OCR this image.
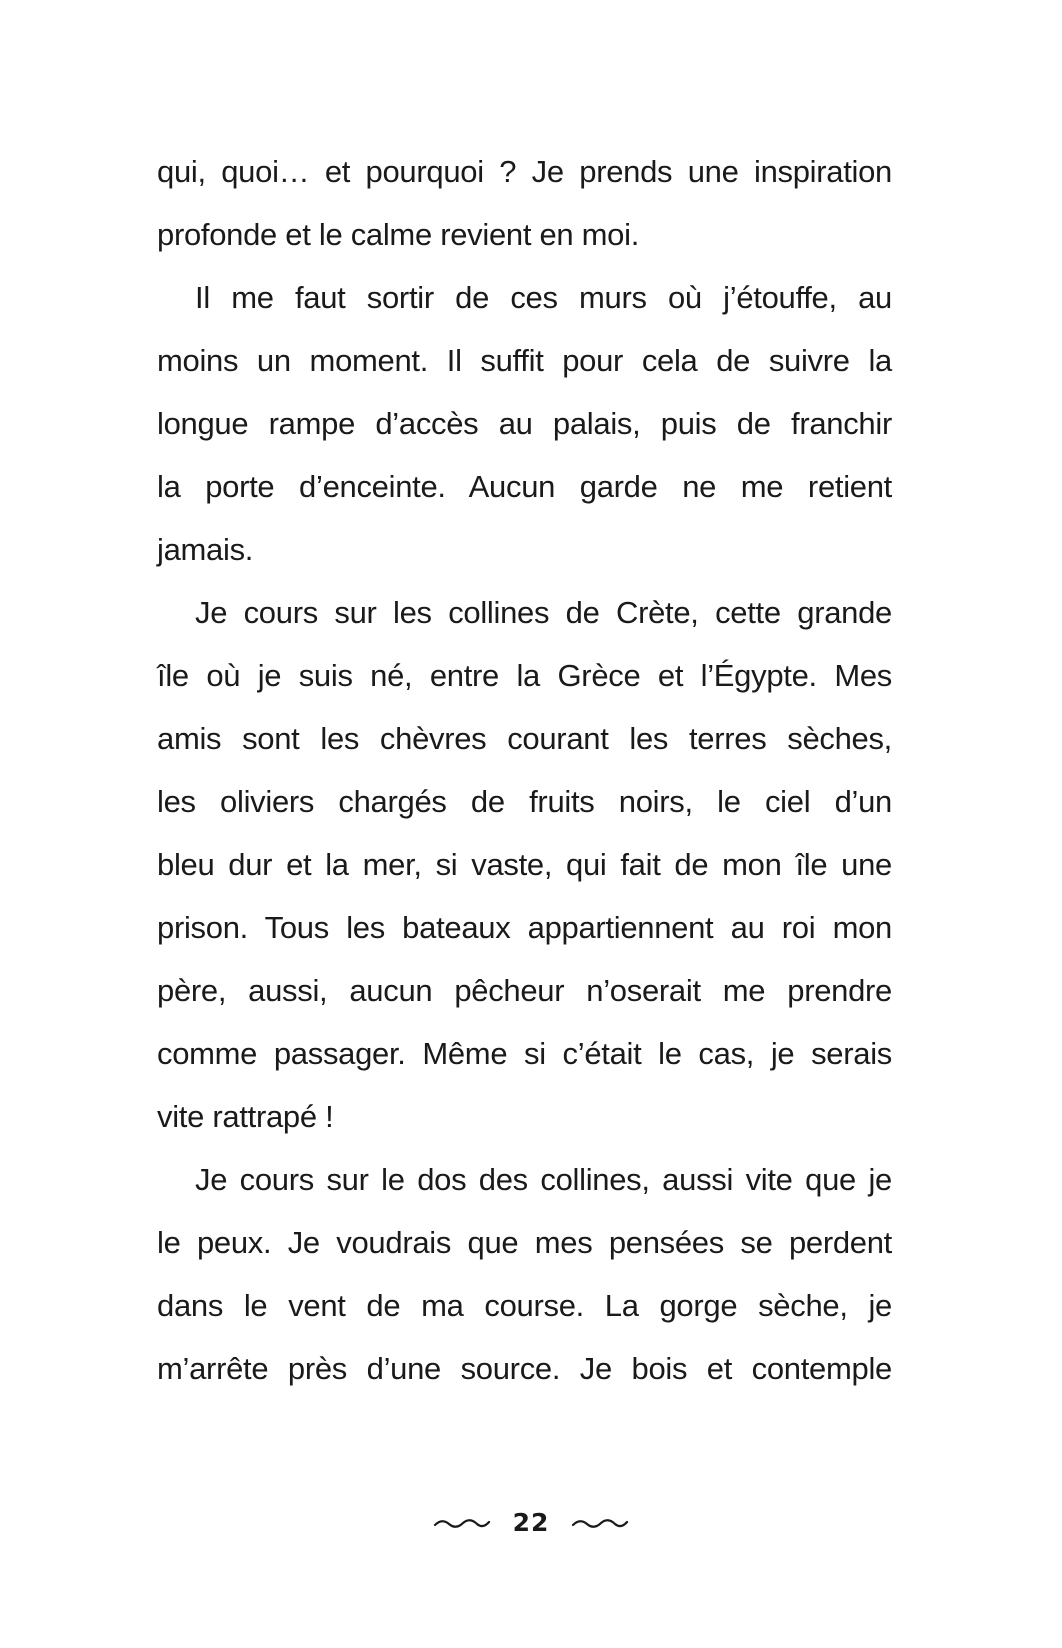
qui, quoi… et pourquoi ? Je prends une inspiration
profonde et le calme revient en moi.
Il me faut sortir de ces murs où j’étouffe, au
moins un moment. Il suffit pour cela de suivre la
longue rampe d’accès au palais, puis de franchir
la porte d’enceinte. Aucun garde ne me retient
jamais.
Je cours sur les collines de Crète, cette grande
île où je suis né, entre la Grèce et l’Égypte. Mes
amis sont les chèvres courant les terres sèches,
les oliviers chargés de fruits noirs, le ciel d’un
bleu dur et la mer, si vaste, qui fait de mon île une
prison. Tous les bateaux appartiennent au roi mon
père, aussi, aucun pêcheur n’oserait me prendre
comme passager. Même si c’était le cas, je serais
vite rattrapé !
Je cours sur le dos des collines, aussi vite que je
le peux. Je voudrais que mes pensées se perdent
dans le vent de ma course. La gorge sèche, je
m’arrête près d’une source. Je bois et contemple
22
